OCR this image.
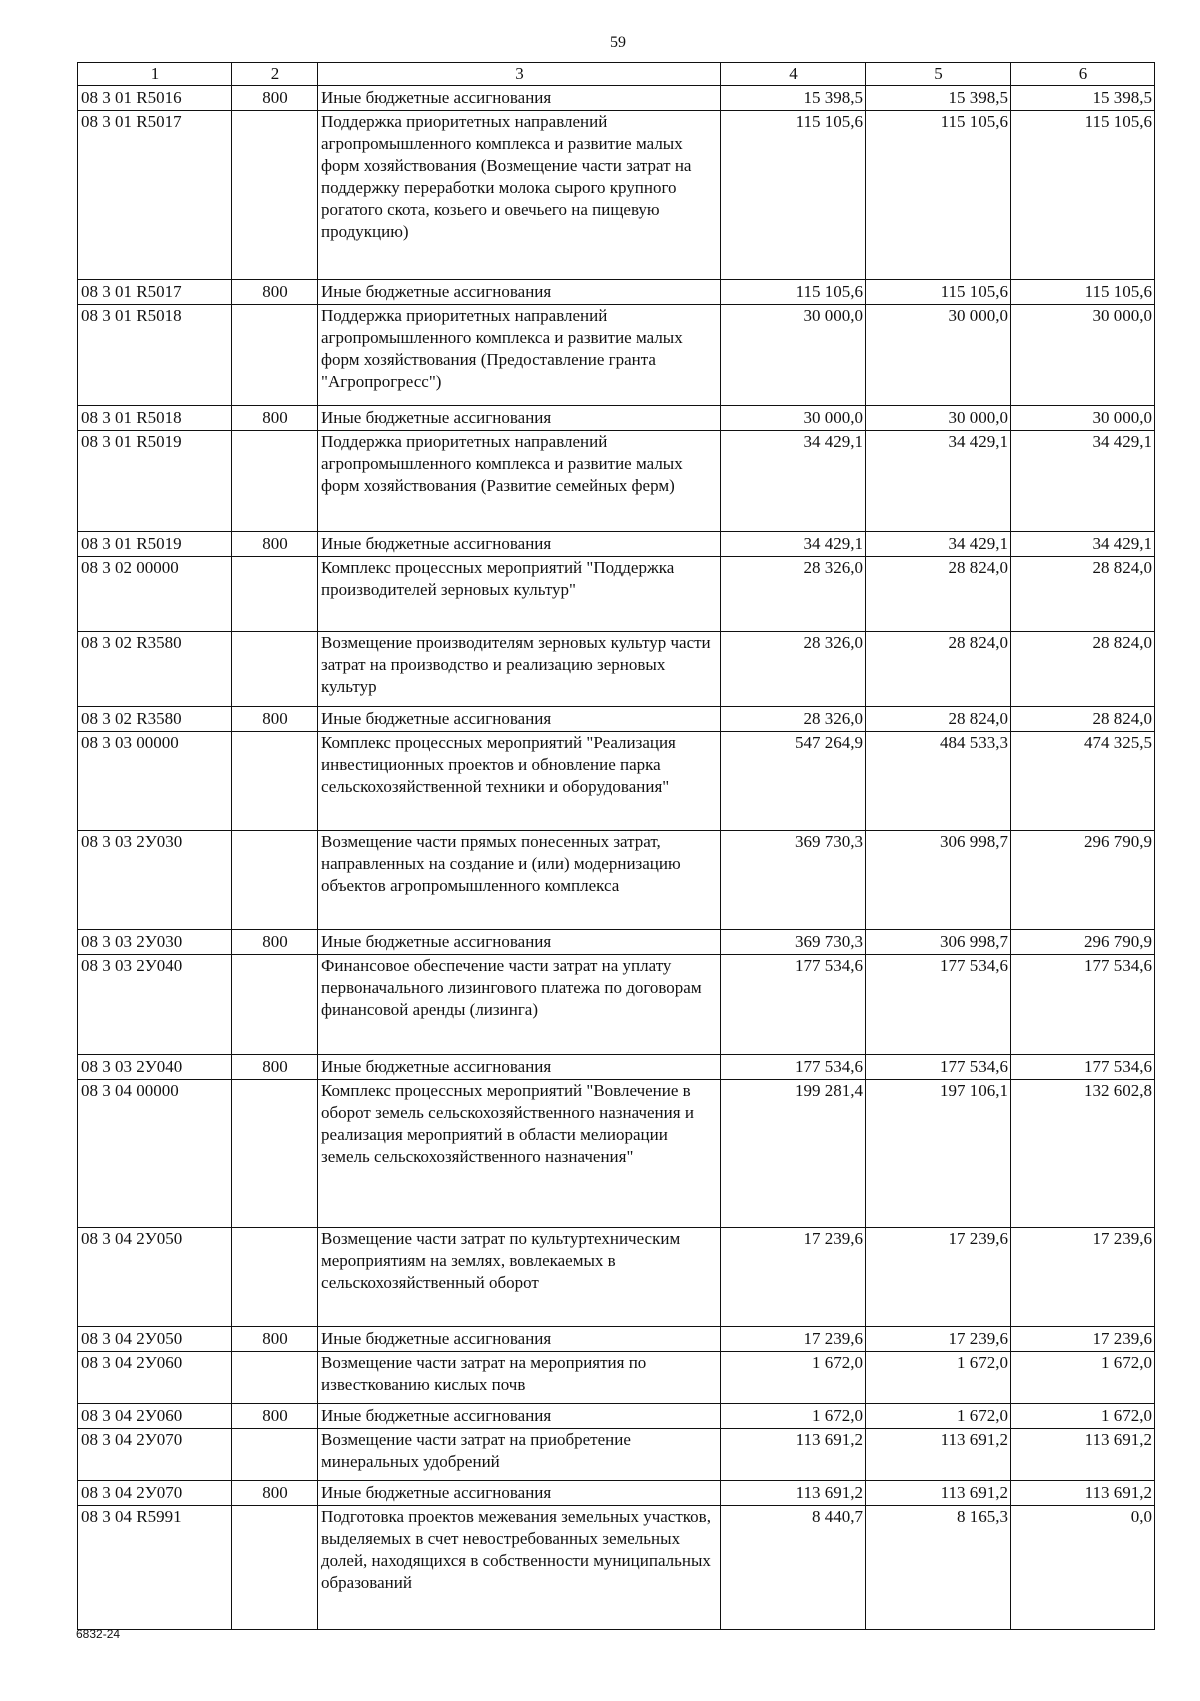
59
1	2	3	4	5	6
08 3 01 R5016	800	Иные бюджетные ассигнования	15 398,5	15 398,5	15 398,5
08 3 01 R5017		Поддержка приоритетных направлений агропромышленного комплекса и развитие малых форм хозяйствования (Возмещение части затрат на поддержку переработки молока сырого крупного рогатого скота, козьего и овечьего на пищевую продукцию)	115 105,6	115 105,6	115 105,6
08 3 01 R5017	800	Иные бюджетные ассигнования	115 105,6	115 105,6	115 105,6
08 3 01 R5018		Поддержка приоритетных направлений агропромышленного комплекса и развитие малых форм хозяйствования (Предоставление гранта "Агропрогресс")	30 000,0	30 000,0	30 000,0
08 3 01 R5018	800	Иные бюджетные ассигнования	30 000,0	30 000,0	30 000,0
08 3 01 R5019		Поддержка приоритетных направлений агропромышленного комплекса и развитие малых форм хозяйствования (Развитие семейных ферм)	34 429,1	34 429,1	34 429,1
08 3 01 R5019	800	Иные бюджетные ассигнования	34 429,1	34 429,1	34 429,1
08 3 02 00000		Комплекс процессных мероприятий "Поддержка производителей зерновых культур"	28 326,0	28 824,0	28 824,0
08 3 02 R3580		Возмещение производителям зерновых культур части затрат на производство и реализацию зерновых культур	28 326,0	28 824,0	28 824,0
08 3 02 R3580	800	Иные бюджетные ассигнования	28 326,0	28 824,0	28 824,0
08 3 03 00000		Комплекс процессных мероприятий "Реализация инвестиционных проектов и обновление парка сельскохозяйственной техники и оборудования"	547 264,9	484 533,3	474 325,5
08 3 03 2У030		Возмещение части прямых понесенных затрат, направленных на создание и (или) модернизацию объектов агропромышленного комплекса	369 730,3	306 998,7	296 790,9
08 3 03 2У030	800	Иные бюджетные ассигнования	369 730,3	306 998,7	296 790,9
08 3 03 2У040		Финансовое обеспечение части затрат на уплату первоначального лизингового платежа по договорам финансовой аренды (лизинга)	177 534,6	177 534,6	177 534,6
08 3 03 2У040	800	Иные бюджетные ассигнования	177 534,6	177 534,6	177 534,6
08 3 04 00000		Комплекс процессных мероприятий "Вовлечение в оборот земель сельскохозяйственного назначения и реализация мероприятий в области мелиорации земель сельскохозяйственного назначения"	199 281,4	197 106,1	132 602,8
08 3 04 2У050		Возмещение части затрат по культуртехническим мероприятиям на землях, вовлекаемых в сельскохозяйственный оборот	17 239,6	17 239,6	17 239,6
08 3 04 2У050	800	Иные бюджетные ассигнования	17 239,6	17 239,6	17 239,6
08 3 04 2У060		Возмещение части затрат на мероприятия по известкованию кислых почв	1 672,0	1 672,0	1 672,0
08 3 04 2У060	800	Иные бюджетные ассигнования	1 672,0	1 672,0	1 672,0
08 3 04 2У070		Возмещение части затрат на приобретение минеральных удобрений	113 691,2	113 691,2	113 691,2
08 3 04 2У070	800	Иные бюджетные ассигнования	113 691,2	113 691,2	113 691,2
08 3 04 R5991		Подготовка проектов межевания земельных участков, выделяемых в счет невостребованных земельных долей, находящихся в собственности муниципальных образований	8 440,7	8 165,3	0,0
6832-24
